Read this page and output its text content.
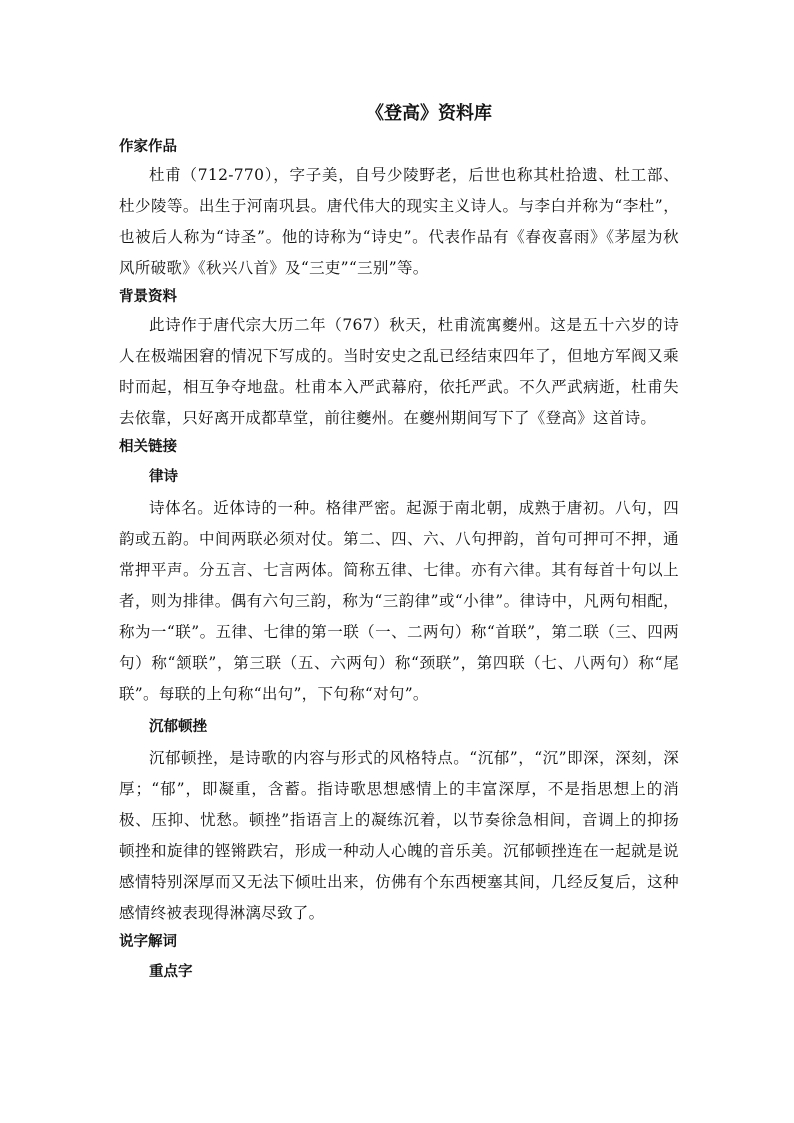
《登高》资料库
作家作品

杜甫（712-770），字子美，自号少陵野老，后世也称其杜拾遗、杜工部、杜少陵等。出生于河南巩县。唐代伟大的现实主义诗人。与李白并称为“李杜”，也被后人称为“诗圣”。他的诗称为“诗史”。代表作品有《春夜喜雨》《茅屋为秋风所破歌》《秋兴八首》及“三吏”“三别”等。

背景资料

此诗作于唐代宗大历二年（767）秋天，杜甫流寓夔州。这是五十六岁的诗人在极端困窘的情况下写成的。当时安史之乱已经结束四年了，但地方军阀又乘时而起，相互争夺地盘。杜甫本入严武幕府，依托严武。不久严武病逝，杜甫失去依靠，只好离开成都草堂，前往夔州。在夔州期间写下了《登高》这首诗。

相关链接
律诗

诗体名。近体诗的一种。格律严密。起源于南北朝，成熟于唐初。八句，四韵或五韵。中间两联必须对仗。第二、四、六、八句押韵，首句可押可不押，通常押平声。分五言、七言两体。简称五律、七律。亦有六律。其有每首十句以上者，则为排律。偶有六句三韵，称为“三韵律”或“小律”。律诗中，凡两句相配，称为一“联”。五律、七律的第一联（一、二两句）称“首联”，第二联（三、四两句）称“颔联”，第三联（五、六两句）称“颈联”，第四联（七、八两句）称“尾联”。每联的上句称“出句”，下句称“对句”。

沉郁顿挫

沉郁顿挫，是诗歌的内容与形式的风格特点。“沉郁”，“沉”即深，深刻，深厚；“郁”，即凝重，含蓄。指诗歌思想感情上的丰富深厚，不是指思想上的消极、压抑、忧愁。顿挫”指语言上的凝练沉着，以节奏徐急相间，音调上的抑扬顿挫和旋律的铿锵跌宕，形成一种动人心魄的音乐美。沉郁顿挫连在一起就是说感情特别深厚而又无法下倾吐出来，仿佛有个东西梗塞其间，几经反复后，这种感情终被表现得淋漓尽致了。

说字解词
重点字
